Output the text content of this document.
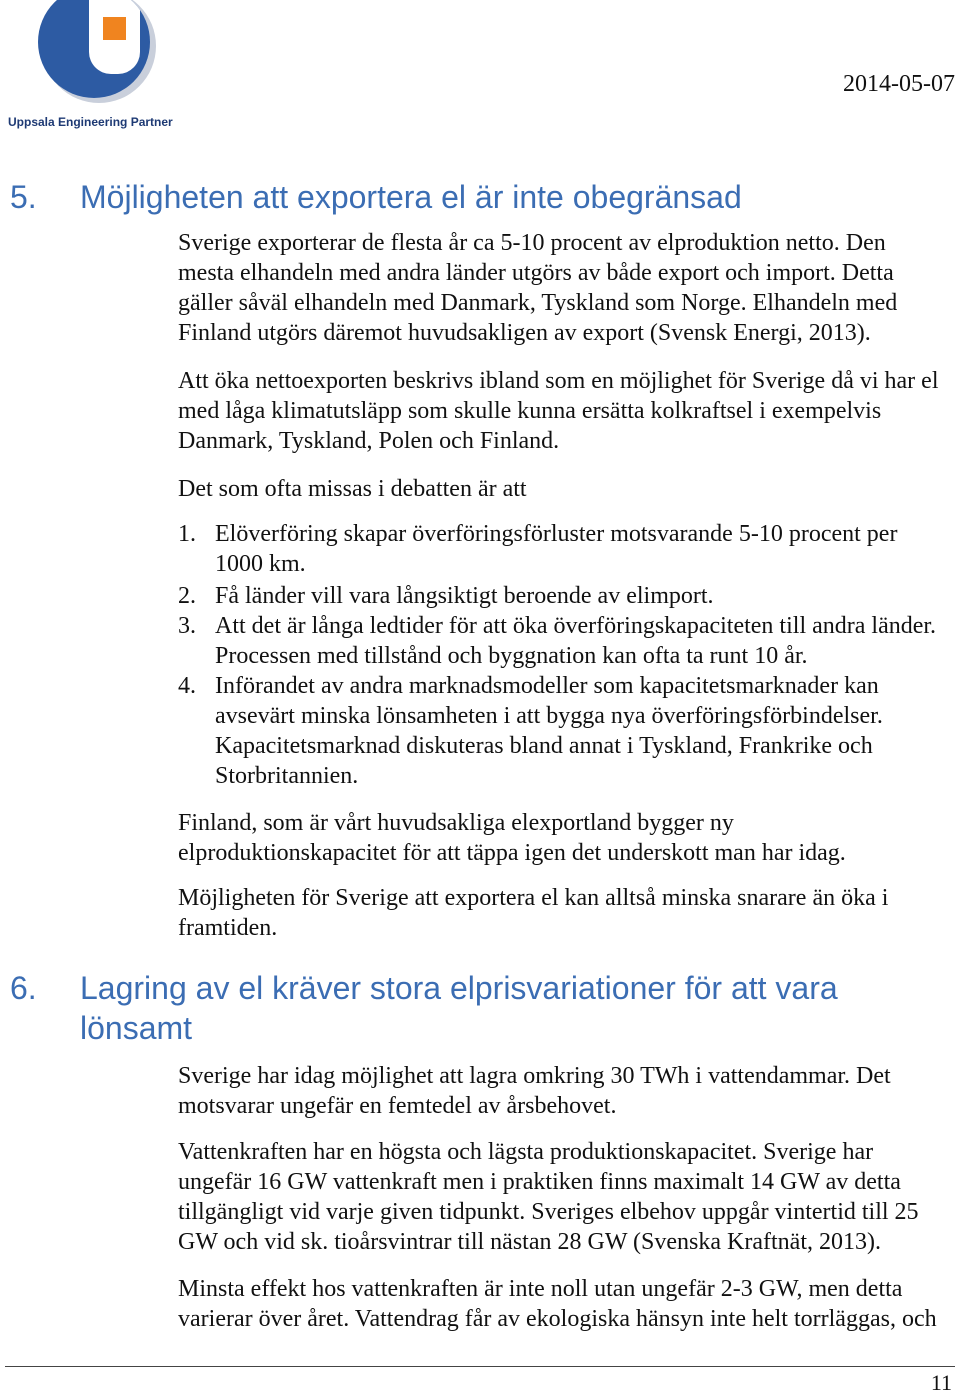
Uppsala Engineering Partner
2014-05-07
5.	Möjligheten att exportera el är inte obegränsad
Sverige exporterar de flesta år ca 5-10 procent av elproduktion netto. Den
mesta elhandeln med andra länder utgörs av både export och import. Detta
gäller såväl elhandeln med Danmark, Tyskland som Norge. Elhandeln med
Finland utgörs däremot huvudsakligen av export (Svensk Energi, 2013).
Att öka nettoexporten beskrivs ibland som en möjlighet för Sverige då vi har el
med låga klimatutsläpp som skulle kunna ersätta kolkraftsel i exempelvis
Danmark, Tyskland, Polen och Finland.
Det som ofta missas i debatten är att
1. Elöverföring skapar överföringsförluster motsvarande 5-10 procent per
1000 km.
2. Få länder vill vara långsiktigt beroende av elimport.
3. Att det är långa ledtider för att öka överföringskapaciteten till andra länder.
Processen med tillstånd och byggnation kan ofta ta runt 10 år.
4. Införandet av andra marknadsmodeller som kapacitetsmarknader kan
avsevärt minska lönsamheten i att bygga nya överföringsförbindelser.
Kapacitetsmarknad diskuteras bland annat i Tyskland, Frankrike och
Storbritannien.
Finland, som är vårt huvudsakliga elexportland bygger ny
elproduktionskapacitet för att täppa igen det underskott man har idag.
Möjligheten för Sverige att exportera el kan alltså minska snarare än öka i
framtiden.
6.	Lagring av el kräver stora elprisvariationer för att vara
lönsamt
Sverige har idag möjlighet att lagra omkring 30 TWh i vattendammar. Det
motsvarar ungefär en femtedel av årsbehovet.
Vattenkraften har en högsta och lägsta produktionskapacitet. Sverige har
ungefär 16 GW vattenkraft men i praktiken finns maximalt 14 GW av detta
tillgängligt vid varje given tidpunkt. Sveriges elbehov uppgår vintertid till 25
GW och vid sk. tioårsvintrar till nästan 28 GW (Svenska Kraftnät, 2013).
Minsta effekt hos vattenkraften är inte noll utan ungefär 2-3 GW, men detta
varierar över året. Vattendrag får av ekologiska hänsyn inte helt torrläggas, och
11
